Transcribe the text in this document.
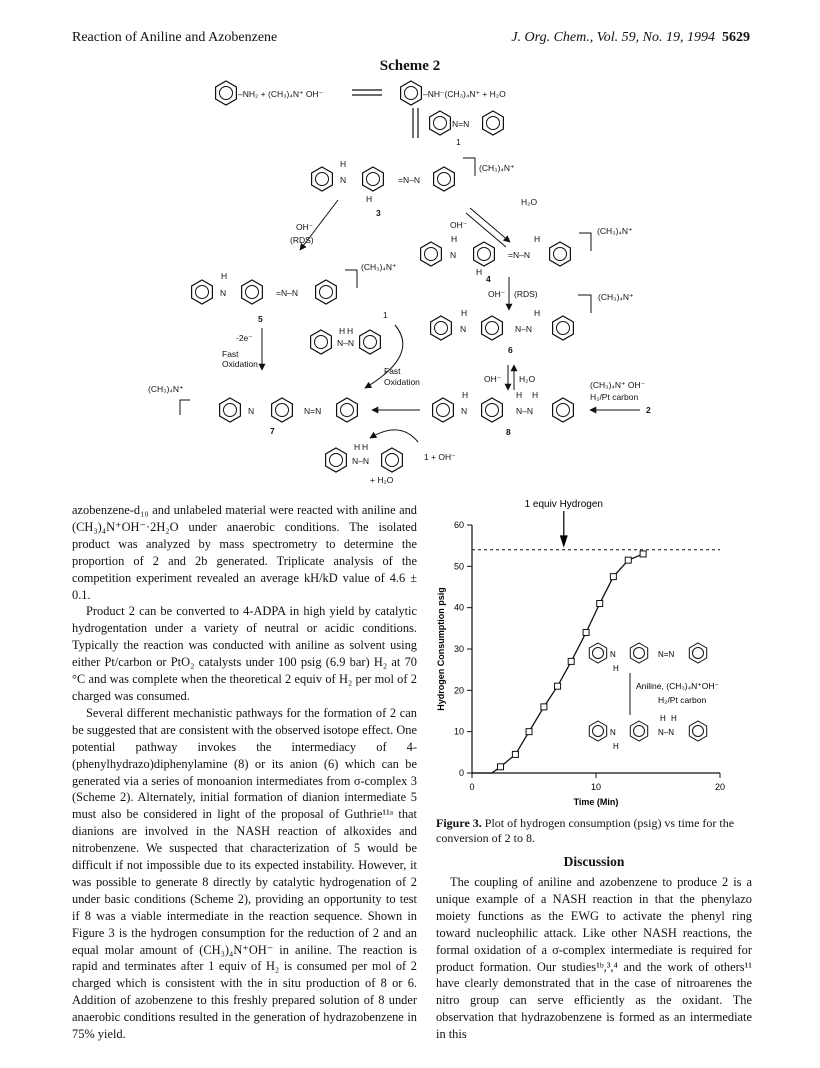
Reaction of Aniline and Azobenzene	J. Org. Chem., Vol. 59, No. 19, 1994 5629
Scheme 2
–NH₂ + (CH₃)₄N⁺ OH⁻	–NH⁻(CH₃)₄N⁺ + H₂O
N=N
1
N
H
=N–N
H
3
(CH₃)₄N⁺
OH⁻
(RDS)
OH⁻
H₂O
N
H
=N–N
H
H
4
(CH₃)₄N⁺
N
H
=N–N
5
(CH₃)₄N⁺
OH⁻ (RDS)	(CH₃)₄N⁺
N
H
N–N
H
6
1
N–N
H H
Fast
Oxidation
-2e⁻
Fast
Oxidation
OH⁻ H₂O
(CH₃)₄N⁺
N	N=N
7
N
H
N–N
H H
8
(CH₃)₄N⁺ OH⁻
H₂/Pt carbon
2
N–N
H H
1 + OH⁻
+ H₂O

azobenzene-d₁₀ and unlabeled material were reacted with aniline and (CH₃)₄N⁺OH⁻·2H₂O under anaerobic conditions. The isolated product was analyzed by mass spectrometry to determine the proportion of 2 and 2b generated. Triplicate analysis of the competition experiment revealed an average kH/kD value of 4.6 ± 0.1.

Product 2 can be converted to 4-ADPA in high yield by catalytic hydrogentation under a variety of neutral or acidic conditions. Typically the reaction was conducted with aniline as solvent using either Pt/carbon or PtO₂ catalysts under 100 psig (6.9 bar) H₂ at 70 °C and was complete when the theoretical 2 equiv of H₂ per mol of 2 charged was consumed.

Several different mechanistic pathways for the formation of 2 can be suggested that are consistent with the observed isotope effect. One potential pathway invokes the intermediacy of 4-(phenylhydrazo)diphenylamine (8) or its anion (6) which can be generated via a series of monoanion intermediates from σ-complex 3 (Scheme 2). Alternately, initial formation of dianion intermediate 5 must also be considered in light of the proposal of Guthrie¹¹ᵃ that dianions are involved in the NASH reaction of alkoxides and nitrobenzene. We suspected that characterization of 5 would be difficult if not impossible due to its expected instability. However, it was possible to generate 8 directly by catalytic hydrogenation of 2 under basic conditions (Scheme 2), providing an opportunity to test if 8 was a viable intermediate in the reaction sequence. Shown in Figure 3 is the hydrogen consumption for the reduction of 2 and an equal molar amount of (CH₃)₄N⁺OH⁻ in aniline. The reaction is rapid and terminates after 1 equiv of H₂ is consumed per mol of 2 charged which is consistent with the in situ production of 8 or 6. Addition of azobenzene to this freshly prepared solution of 8 under anaerobic conditions resulted in the generation of hydrazobenzene in 75% yield.

0
10
20
30
40
50
60
0	10	20
Time (Min)
Hydrogen Consumption psig
1 equiv Hydrogen
N
H
N=N
Aniline, (CH₃)₄N⁺OH⁻
H₂/Pt carbon
N
H
N–N
H H
Figure 3. Plot of hydrogen consumption (psig) vs time for the conversion of 2 to 8.
Discussion

The coupling of aniline and azobenzene to produce 2 is a unique example of a NASH reaction in that the phenylazo moiety functions as the EWG to activate the phenyl ring toward nucleophilic attack. Like other NASH reactions, the formal oxidation of a σ-complex intermediate is required for product formation. Our studies¹ᵇ,³,⁴ and the work of others¹¹ have clearly demonstrated that in the case of nitroarenes the nitro group can serve efficiently as the oxidant. The observation that hydrazobenzene is formed as an intermediate in this
